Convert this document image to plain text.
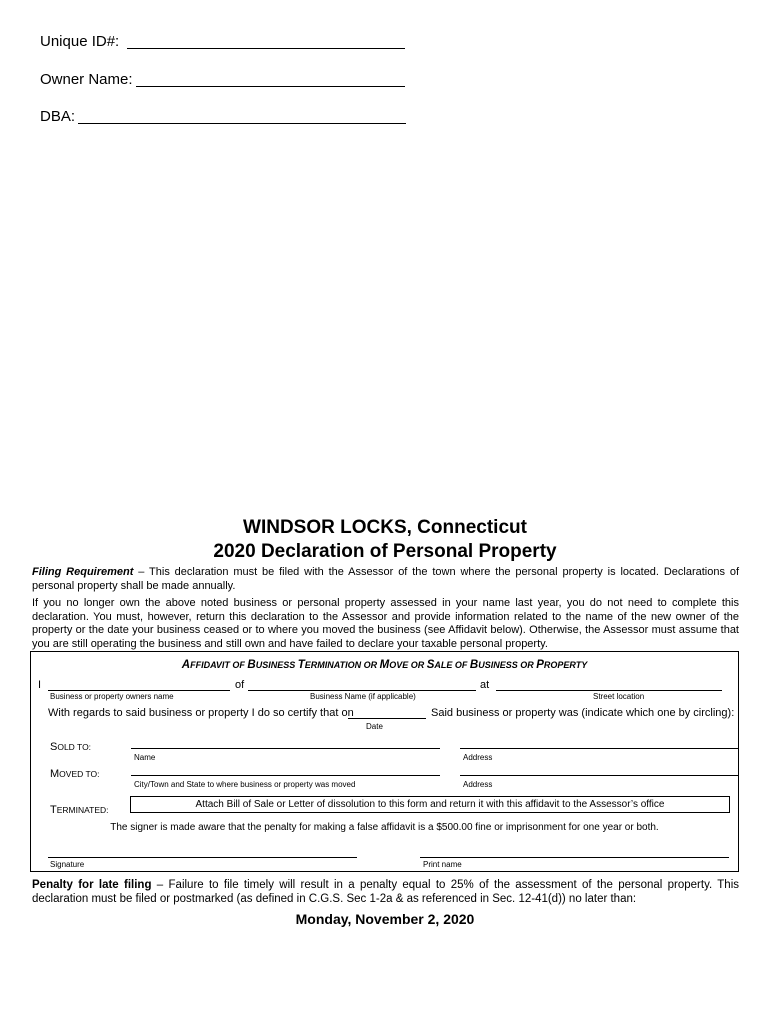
Unique ID#:
Owner Name:
DBA:
WINDSOR LOCKS, Connecticut
2020 Declaration of Personal Property
Filing Requirement – This declaration must be filed with the Assessor of the town where the personal property is located. Declarations of personal property shall be made annually.
If you no longer own the above noted business or personal property assessed in your name last year, you do not need to complete this declaration. You must, however, return this declaration to the Assessor and provide information related to the name of the new owner of the property or the date your business ceased or to where you moved the business (see Affidavit below). Otherwise, the Assessor must assume that you are still operating the business and still own and have failed to declare your taxable personal property.
AFFIDAVIT OF BUSINESS TERMINATION OR MOVE OR SALE OF BUSINESS OR PROPERTY
I	of	at
Business or property owners name	Business Name (if applicable)	Street location
With regards to said business or property I do so certify that on	Said business or property was (indicate which one by circling):
Date
SOLD TO:
Name	Address
MOVED TO:
City/Town and State to where business or property was moved	Address
TERMINATED:	Attach Bill of Sale or Letter of dissolution to this form and return it with this affidavit to the Assessor’s office
The signer is made aware that the penalty for making a false affidavit is a $500.00 fine or imprisonment for one year or both.
Signature	Print name
Penalty for late filing – Failure to file timely will result in a penalty equal to 25% of the assessment of the personal property. This declaration must be filed or postmarked (as defined in C.G.S. Sec 1-2a & as referenced in Sec. 12-41(d)) no later than:
Monday, November 2, 2020
